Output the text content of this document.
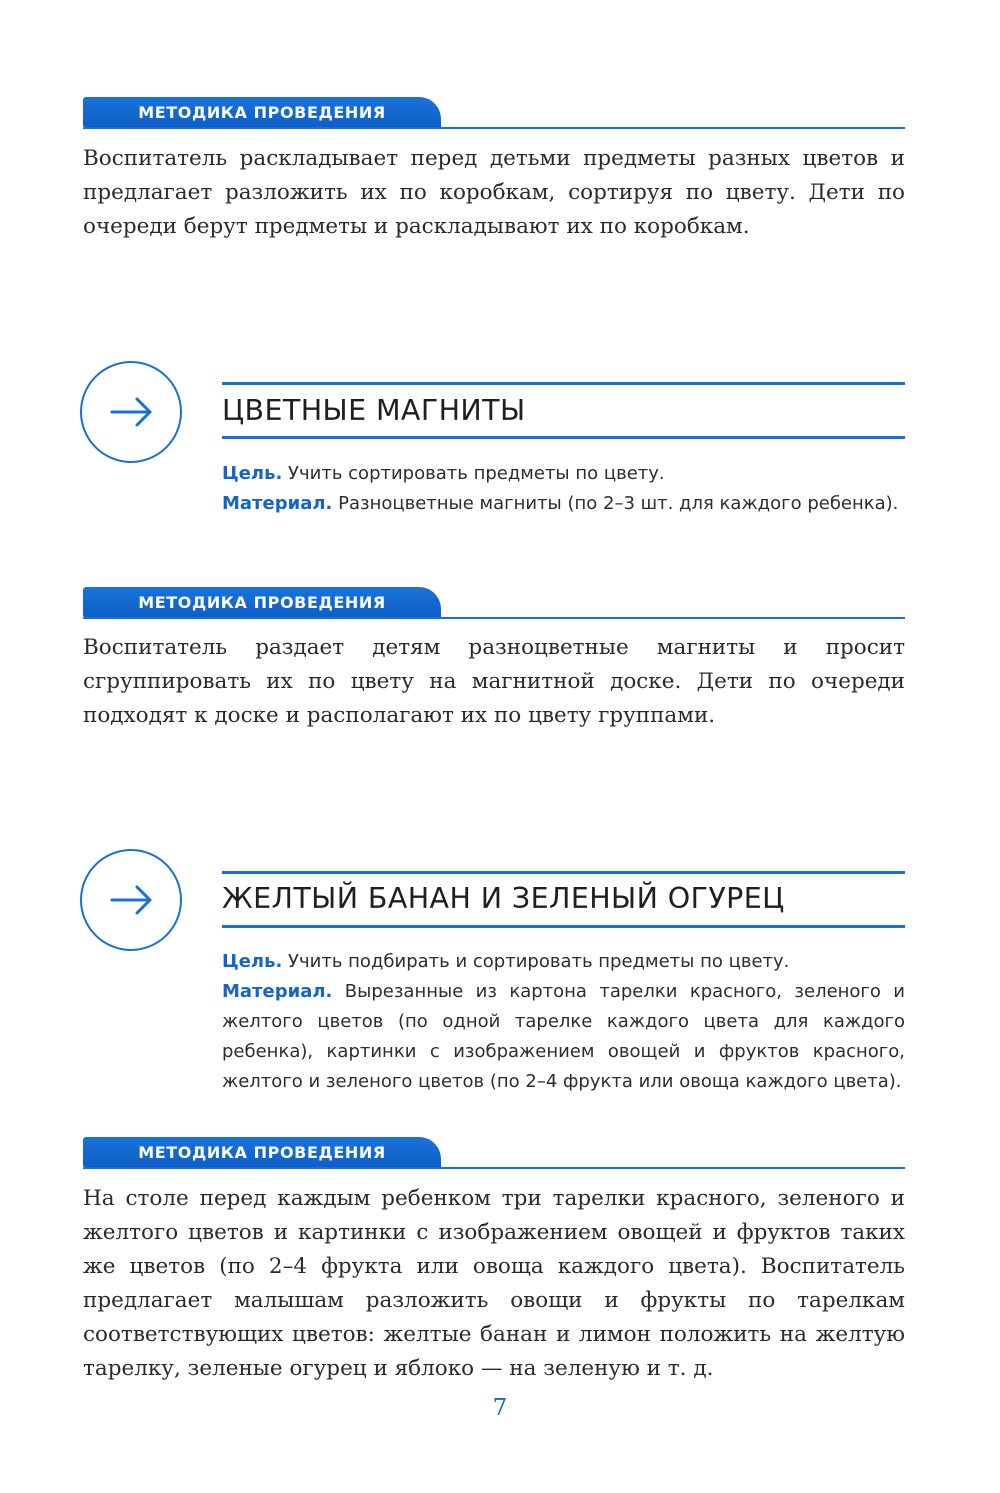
МЕТОДИКА ПРОВЕДЕНИЯ

Воспитатель раскладывает перед детьми предметы разных цветов и предлагает разложить их по коробкам, сортируя по цвету. Дети по очереди берут предметы и раскладывают их по коробкам.

ЦВЕТНЫЕ МАГНИТЫ

Цель. Учить сортировать предметы по цвету.
Материал. Разноцветные магниты (по 2–3 шт. для каждого ребенка).

МЕТОДИКА ПРОВЕДЕНИЯ

Воспитатель раздает детям разноцветные магниты и просит сгруппировать их по цвету на магнитной доске. Дети по очереди подходят к доске и располагают их по цвету группами.

ЖЕЛТЫЙ БАНАН И ЗЕЛЕНЫЙ ОГУРЕЦ

Цель. Учить подбирать и сортировать предметы по цвету.
Материал. Вырезанные из картона тарелки красного, зеленого и желтого цветов (по одной тарелке каждого цвета для каждого ребенка), картинки с изображением овощей и фруктов красного, желтого и зеленого цветов (по 2–4 фрукта или овоща каждого цвета).

МЕТОДИКА ПРОВЕДЕНИЯ

На столе перед каждым ребенком три тарелки красного, зеленого и желтого цветов и картинки с изображением овощей и фруктов таких же цветов (по 2–4 фрукта или овоща каждого цвета). Воспитатель предлагает малышам разложить овощи и фрукты по тарелкам соответствующих цветов: желтые банан и лимон положить на желтую тарелку, зеленые огурец и яблоко — на зеленую и т. д.

7
